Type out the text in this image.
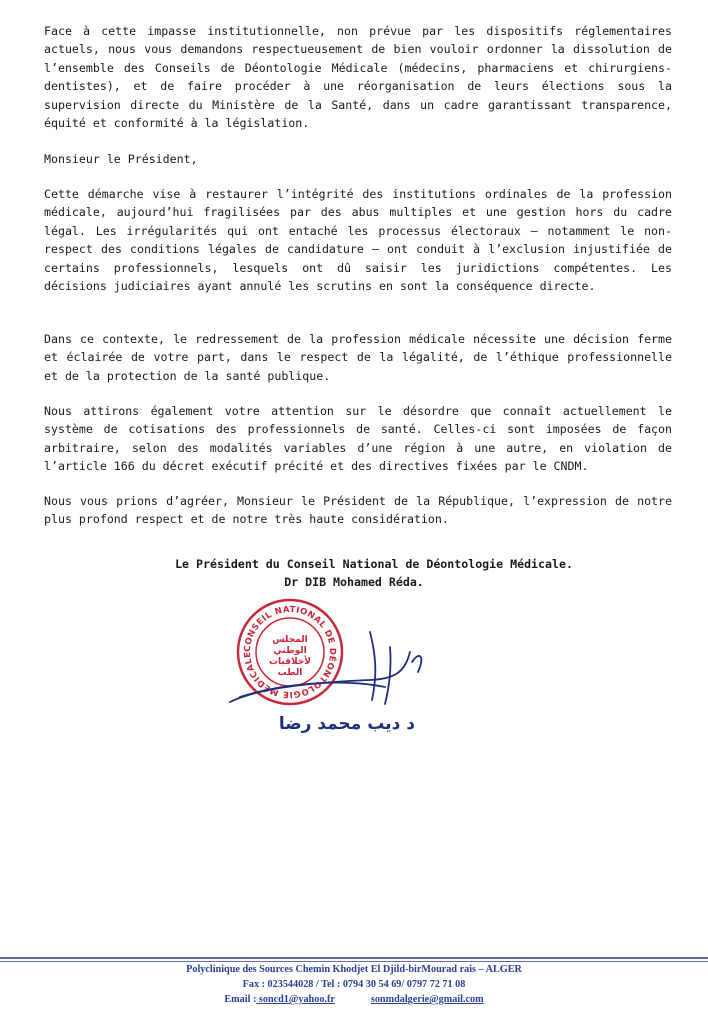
Face à cette impasse institutionnelle, non prévue par les dispositifs réglementaires actuels, nous vous demandons respectueusement de bien vouloir ordonner la dissolution de l’ensemble des Conseils de Déontologie Médicale (médecins, pharmaciens et chirurgiens-dentistes), et de faire procéder à une réorganisation de leurs élections sous la supervision directe du Ministère de la Santé, dans un cadre garantissant transparence, équité et conformité à la législation.

Monsieur le Président,

Cette démarche vise à restaurer l’intégrité des institutions ordinales de la profession médicale, aujourd’hui fragilisées par des abus multiples et une gestion hors du cadre légal. Les irrégularités qui ont entaché les processus électoraux – notamment le non-respect des conditions légales de candidature – ont conduit à l’exclusion injustifiée de certains professionnels, lesquels ont dû saisir les juridictions compétentes. Les décisions judiciaires ayant annulé les scrutins en sont la conséquence directe.

Dans ce contexte, le redressement de la profession médicale nécessite une décision ferme et éclairée de votre part, dans le respect de la légalité, de l’éthique professionnelle et de la protection de la santé publique.

Nous attirons également votre attention sur le désordre que connaît actuellement le système de cotisations des professionnels de santé. Celles-ci sont imposées de façon arbitraire, selon des modalités variables d’une région à une autre, en violation de l’article 166 du décret exécutif précité et des directives fixées par le CNDM.

Nous vous prions d’agréer, Monsieur le Président de la République, l’expression de notre plus profond respect et de notre très haute considération.

Le Président du Conseil National de Déontologie Médicale.
Dr DIB Mohamed Réda.
CONSEIL NATIONAL DE DÉONTOLOGIE MÉDICALE
المجلس
الوطني
لأخلاقيات
الطب
د دیب محمد رضا
Polyclinique des Sources Chemin Khodjet El Djild-birMourad rais – ALGER
Fax : 023544028 / Tel : 0794 30 54 69/ 0797 72 71 08
Email : soncd1@yahoo.fr	sonmdalgerie@gmail.com
